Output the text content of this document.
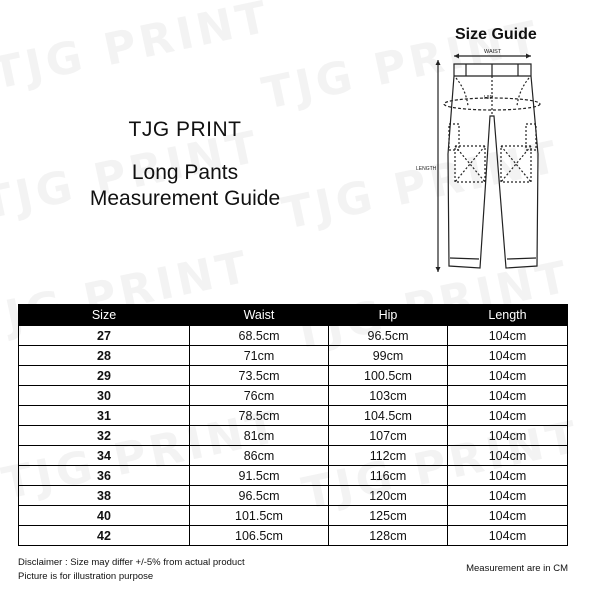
TJG PRINT

Long Pants

Measurement Guide

Size Guide
WAIST
HIP
LENGTH
Size	Waist	Hip	Length
27	68.5cm	96.5cm	104cm
28	71cm	99cm	104cm
29	73.5cm	100.5cm	104cm
30	76cm	103cm	104cm
31	78.5cm	104.5cm	104cm
32	81cm	107cm	104cm
34	86cm	112cm	104cm
36	91.5cm	116cm	104cm
38	96.5cm	120cm	104cm
40	101.5cm	125cm	104cm
42	106.5cm	128cm	104cm
Disclaimer : Size may differ +/-5% from actual product
Picture is for illustration purpose
Measurement are in CM
